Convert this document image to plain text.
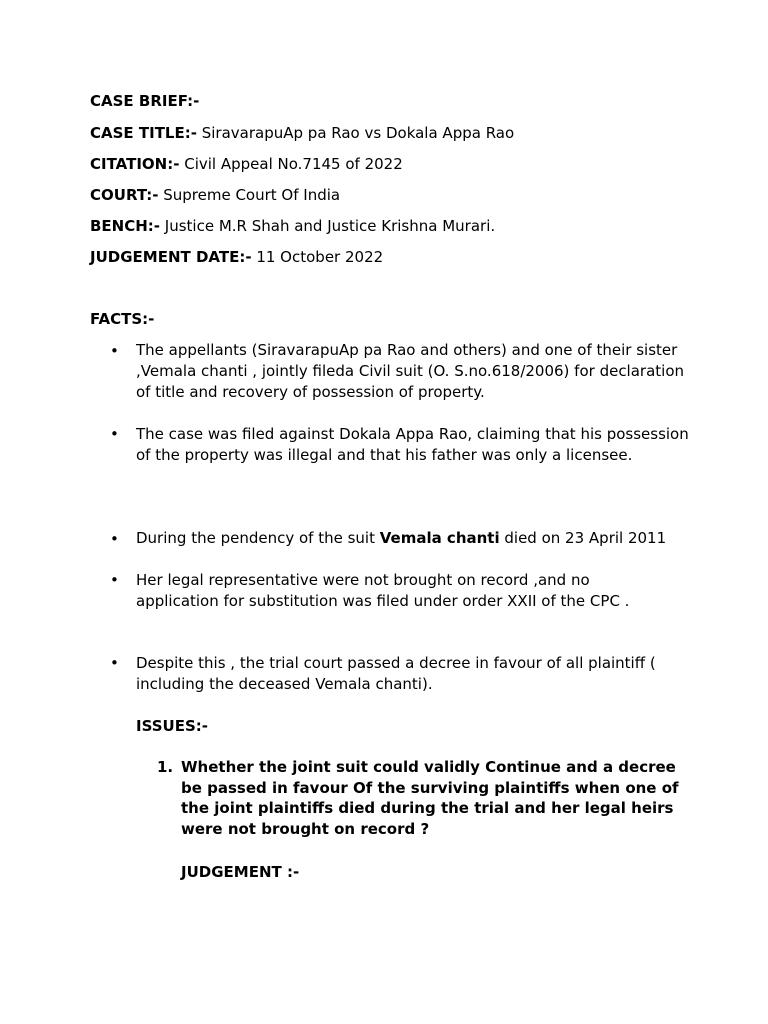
CASE BRIEF:-
CASE TITLE:- SiravarapuAp pa Rao vs Dokala Appa Rao
CITATION:- Civil Appeal No.7145 of 2022
COURT:- Supreme Court Of India
BENCH:- Justice M.R Shah and Justice Krishna Murari.
JUDGEMENT DATE:- 11 October 2022
FACTS:-
• The appellants (SiravarapuAp pa Rao and others) and one of their sister ,Vemala chanti , jointly fileda Civil suit (O. S.no.618/2006) for declaration of title and recovery of possession of property.
• The case was filed against Dokala Appa Rao, claiming that his possession of the property was illegal and that his father was only a licensee.
• During the pendency of the suit Vemala chanti died on 23 April 2011
• Her legal representative were not brought on record ,and no application for substitution was filed under order XXII of the CPC .
• Despite this , the trial court passed a decree in favour of all plaintiff ( including the deceased Vemala chanti).
ISSUES:-
1. Whether the joint suit could validly Continue and a decree be passed in favour Of the surviving plaintiffs when one of the joint plaintiffs died during the trial and her legal heirs were not brought on record ?
JUDGEMENT :-
